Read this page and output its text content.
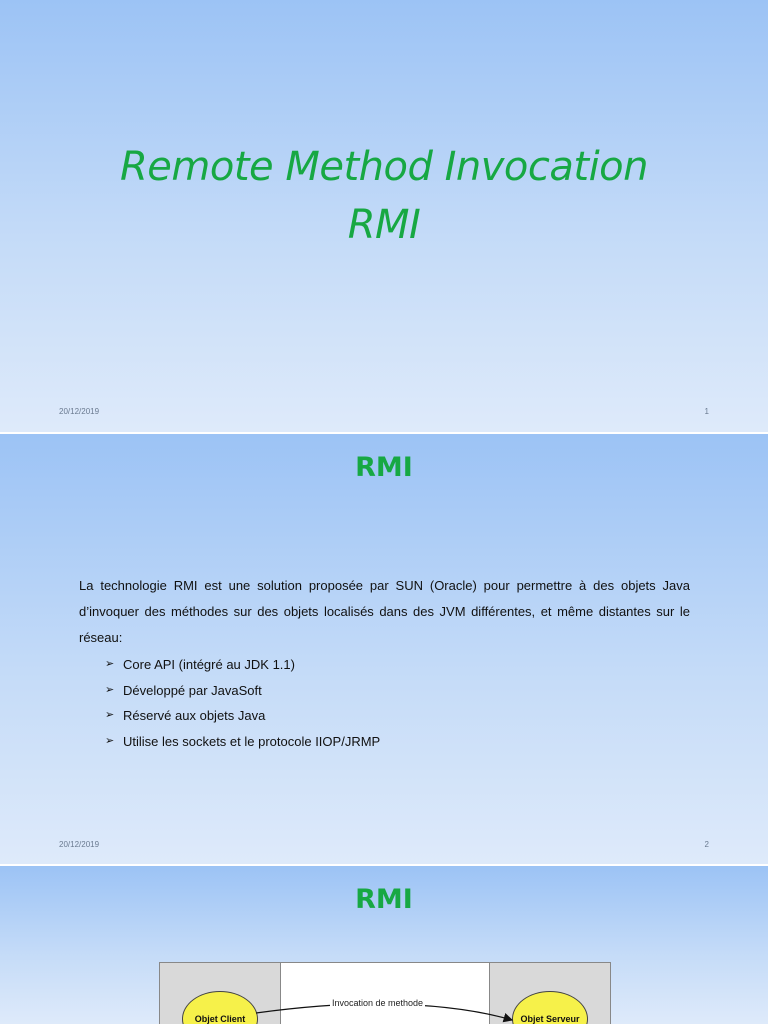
Remote Method Invocation
RMI
20/12/2019	1
RMI
La technologie RMI est une solution proposée par SUN (Oracle) pour permettre à des objets Java d’invoquer des méthodes sur des objets localisés dans des JVM différentes, et même distantes sur le réseau:
➢ Core API (intégré au JDK 1.1)
➢ Développé par JavaSoft
➢ Réservé aux objets Java
➢ Utilise les sockets et le protocole IIOP/JRMP
20/12/2019	2
RMI
Objet Client	Objet Serveur
Invocation de methode
